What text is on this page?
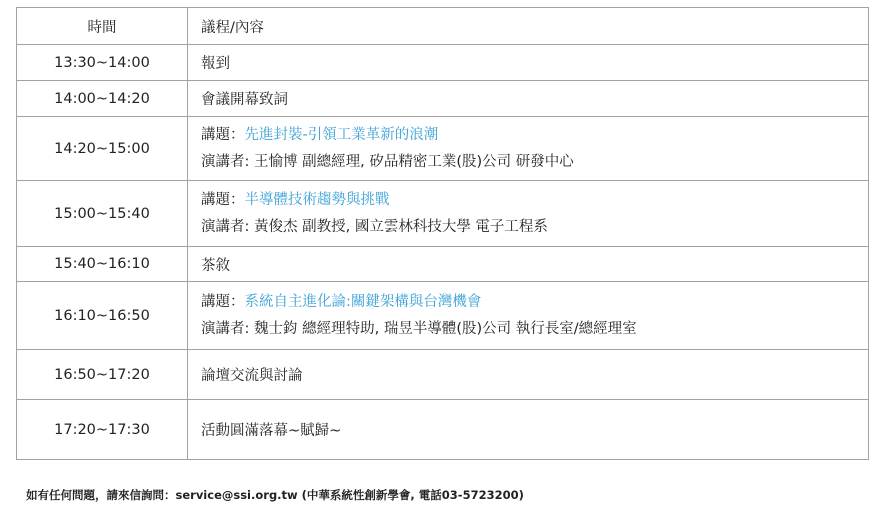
時間	議程/內容
13:30~14:00	報到
14:00~14:20	會議開幕致詞
14:20~15:00	講題：先進封裝-引領工業革新的浪潮
演講者: 王愉博 副總經理, 矽品精密工業(股)公司 研發中心

15:00~15:40	講題：半導體技術趨勢與挑戰
演講者: 黃俊杰 副教授, 國立雲林科技大學 電子工程系

15:40~16:10	茶敘
16:10~16:50	講題：系統自主進化論:關鍵架構與台灣機會
演講者: 魏士鈞 總經理特助, 瑞昱半導體(股)公司 執行長室/總經理室

16:50~17:20	論壇交流與討論
17:20~17:30	活動圓滿落幕~賦歸~
如有任何問題，請來信詢問：service@ssi.org.tw (中華系統性創新學會, 電話03-5723200)
